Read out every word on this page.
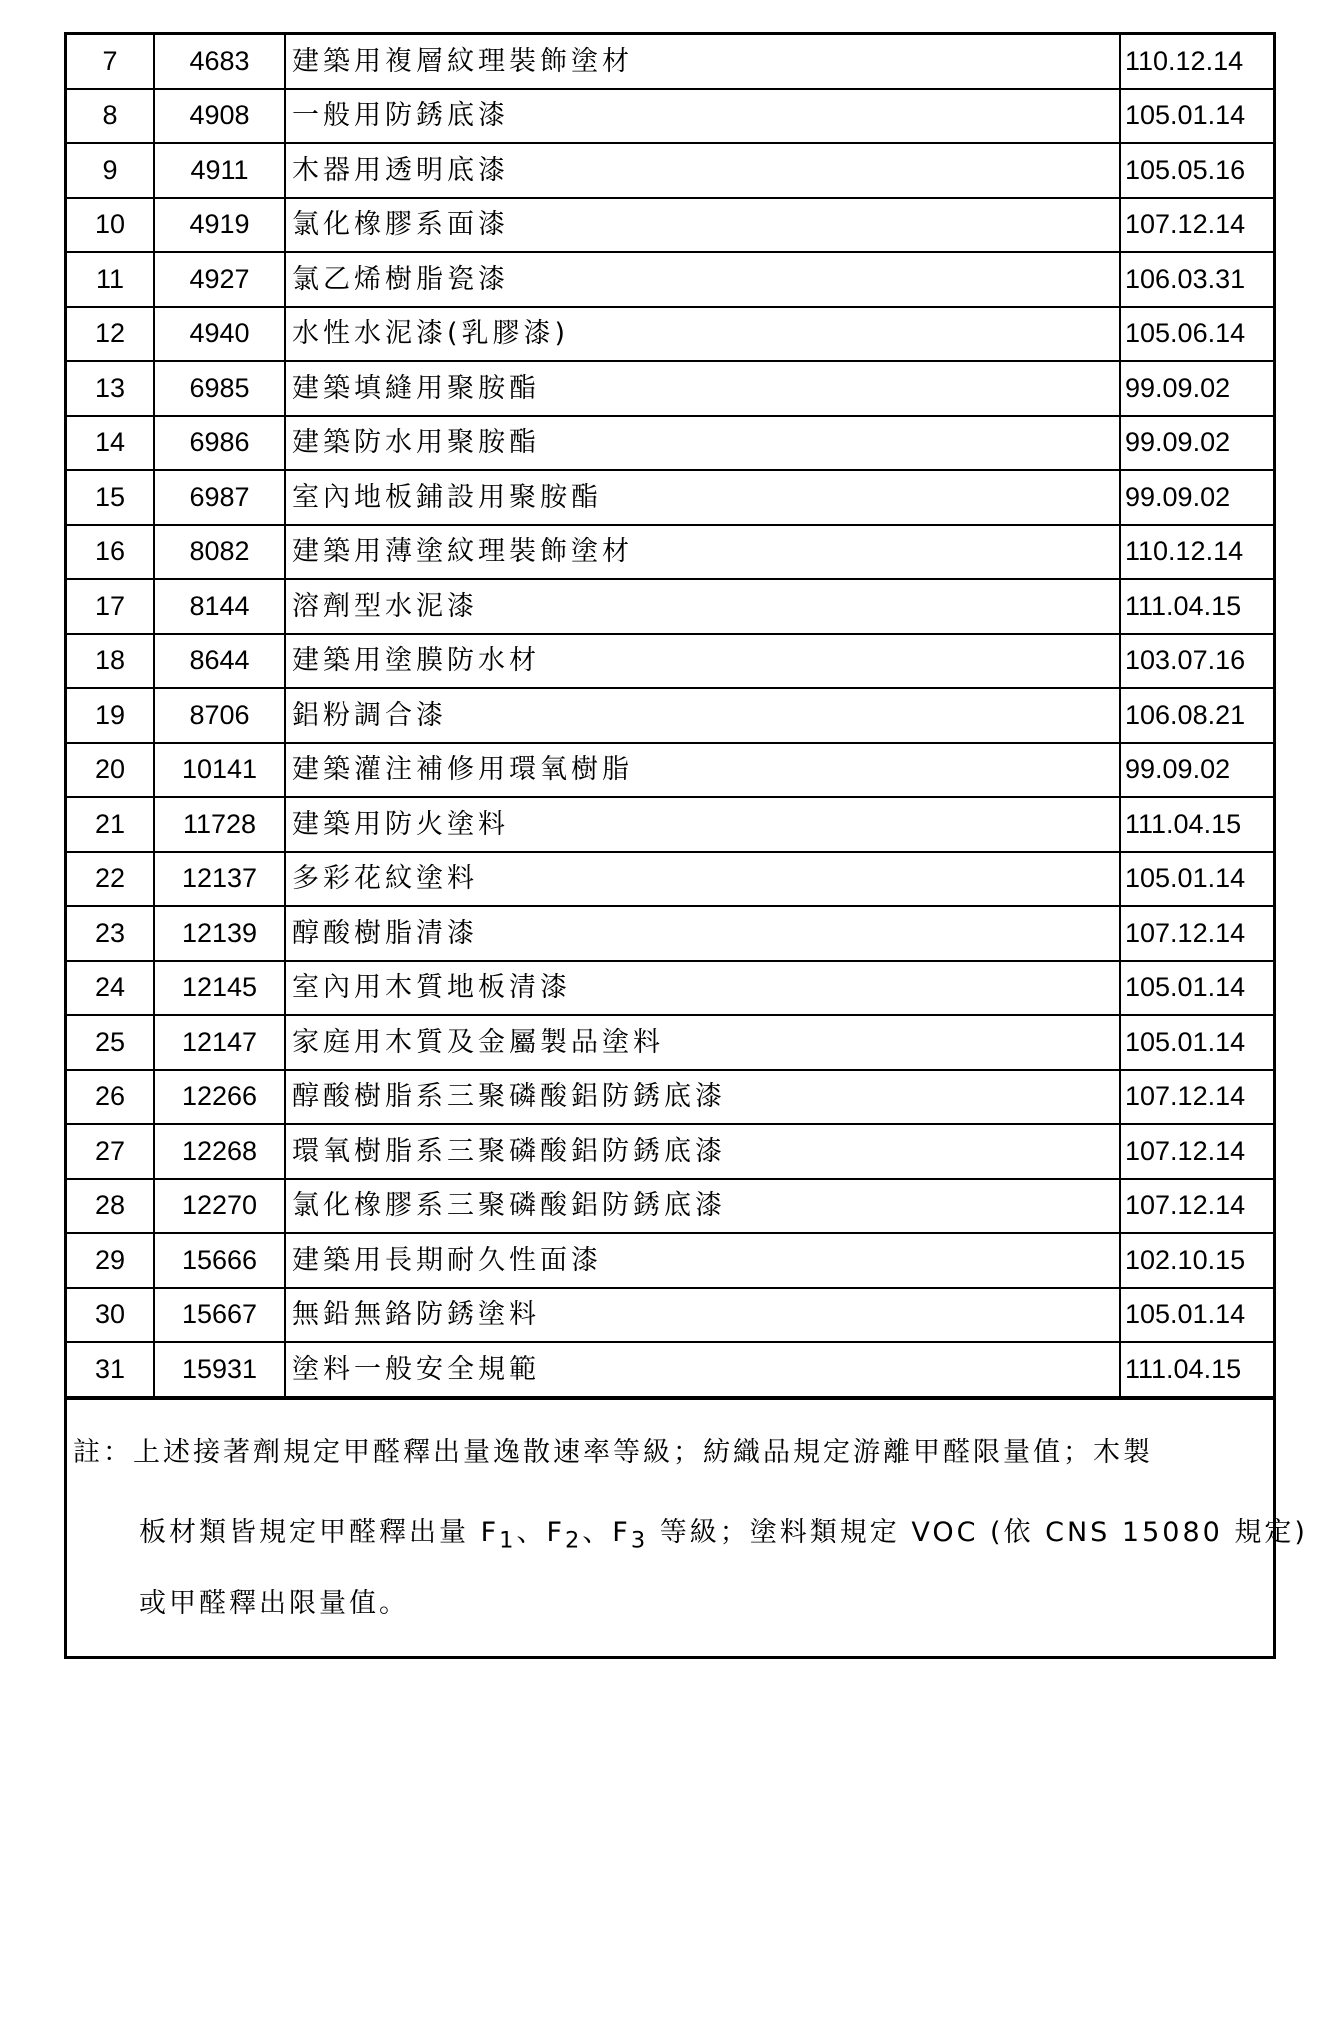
7	4683	建築用複層紋理裝飾塗材	110.12.14
8	4908	一般用防銹底漆	105.01.14
9	4911	木器用透明底漆	105.05.16
10	4919	氯化橡膠系面漆	107.12.14
11	4927	氯乙烯樹脂瓷漆	106.03.31
12	4940	水性水泥漆(乳膠漆)	105.06.14
13	6985	建築填縫用聚胺酯	99.09.02
14	6986	建築防水用聚胺酯	99.09.02
15	6987	室內地板鋪設用聚胺酯	99.09.02
16	8082	建築用薄塗紋理裝飾塗材	110.12.14
17	8144	溶劑型水泥漆	111.04.15
18	8644	建築用塗膜防水材	103.07.16
19	8706	鋁粉調合漆	106.08.21
20	10141	建築灌注補修用環氧樹脂	99.09.02
21	11728	建築用防火塗料	111.04.15
22	12137	多彩花紋塗料	105.01.14
23	12139	醇酸樹脂清漆	107.12.14
24	12145	室內用木質地板清漆	105.01.14
25	12147	家庭用木質及金屬製品塗料	105.01.14
26	12266	醇酸樹脂系三聚磷酸鋁防銹底漆	107.12.14
27	12268	環氧樹脂系三聚磷酸鋁防銹底漆	107.12.14
28	12270	氯化橡膠系三聚磷酸鋁防銹底漆	107.12.14
29	15666	建築用長期耐久性面漆	102.10.15
30	15667	無鉛無鉻防銹塗料	105.01.14
31	15931	塗料一般安全規範	111.04.15
註：上述接著劑規定甲醛釋出量逸散速率等級；紡織品規定游離甲醛限量值；木製
板材類皆規定甲醛釋出量 $F_1$、$F_2$、$F_3$ 等級；塗料類規定 VOC (依 CNS 15080 規定)
或甲醛釋出限量值。
